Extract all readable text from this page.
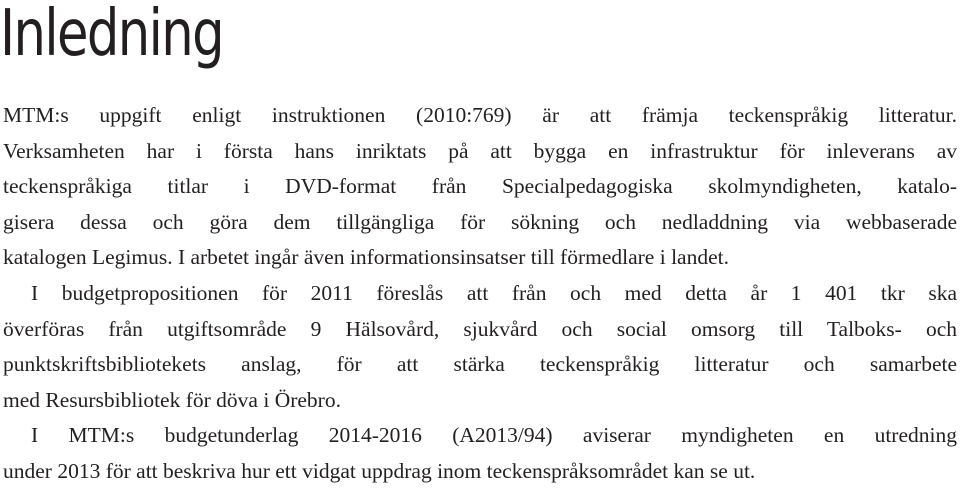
Inledning
MTM:s uppgift enligt instruktionen (2010:769) är att främja teckenspråkig litteratur.
Verksamheten har i första hans inriktats på att bygga en infrastruktur för inleverans av
teckenspråkiga titlar i DVD-format från Specialpedagogiska skolmyndigheten, katalo-
gisera dessa och göra dem tillgängliga för sökning och nedladdning via webbaserade
katalogen Legimus. I arbetet ingår även informationsinsatser till förmedlare i landet.
I budgetpropositionen för 2011 föreslås att från och med detta år 1 401 tkr ska
överföras från utgiftsområde 9 Hälsovård, sjukvård och social omsorg till Talboks- och
punktskriftsbibliotekets anslag, för att stärka teckenspråkig litteratur och samarbete
med Resursbibliotek för döva i Örebro.
I MTM:s budgetunderlag 2014-2016 (A2013/94) aviserar myndigheten en utredning
under 2013 för att beskriva hur ett vidgat uppdrag inom teckenspråksområdet kan se ut.
